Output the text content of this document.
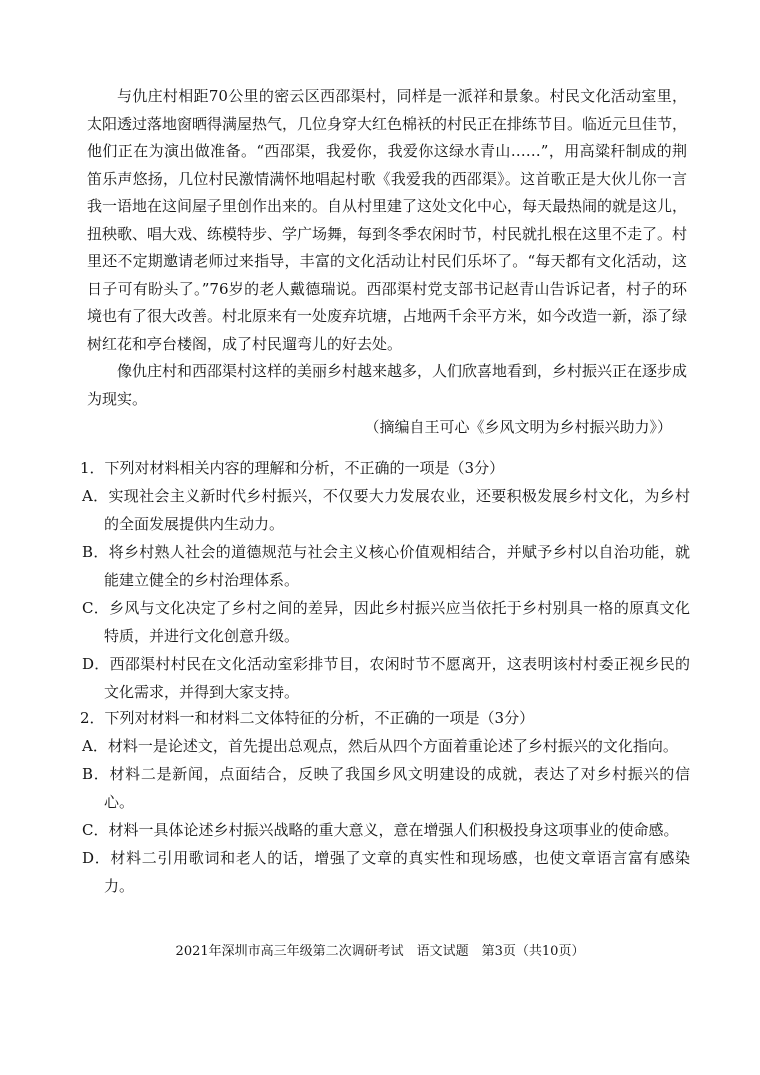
与仇庄村相距70公里的密云区西邵渠村，同样是一派祥和景象。村民文化活动室里，太阳透过落地窗晒得满屋热气，几位身穿大红色棉袄的村民正在排练节目。临近元旦佳节，他们正在为演出做准备。“西邵渠，我爱你，我爱你这绿水青山……”，用高粱秆制成的荆笛乐声悠扬，几位村民激情满怀地唱起村歌《我爱我的西邵渠》。这首歌正是大伙儿你一言我一语地在这间屋子里创作出来的。自从村里建了这处文化中心，每天最热闹的就是这儿，扭秧歌、唱大戏、练模特步、学广场舞，每到冬季农闲时节，村民就扎根在这里不走了。村里还不定期邀请老师过来指导，丰富的文化活动让村民们乐坏了。“每天都有文化活动，这日子可有盼头了。”76岁的老人戴德瑞说。西邵渠村党支部书记赵青山告诉记者，村子的环境也有了很大改善。村北原来有一处废弃坑塘，占地两千余平方米，如今改造一新，添了绿树红花和亭台楼阁，成了村民遛弯儿的好去处。

像仇庄村和西邵渠村这样的美丽乡村越来越多，人们欣喜地看到，乡村振兴正在逐步成为现实。

（摘编自王可心《乡风文明为乡村振兴助力》）

1．下列对材料相关内容的理解和分析，不正确的一项是（3分）

A．实现社会主义新时代乡村振兴，不仅要大力发展农业，还要积极发展乡村文化，为乡村的全面发展提供内生动力。

B．将乡村熟人社会的道德规范与社会主义核心价值观相结合，并赋予乡村以自治功能，就能建立健全的乡村治理体系。

C．乡风与文化决定了乡村之间的差异，因此乡村振兴应当依托于乡村别具一格的原真文化特质，并进行文化创意升级。

D．西邵渠村村民在文化活动室彩排节目，农闲时节不愿离开，这表明该村村委正视乡民的文化需求，并得到大家支持。

2．下列对材料一和材料二文体特征的分析，不正确的一项是（3分）

A．材料一是论述文，首先提出总观点，然后从四个方面着重论述了乡村振兴的文化指向。

B．材料二是新闻，点面结合，反映了我国乡风文明建设的成就，表达了对乡村振兴的信心。

C．材料一具体论述乡村振兴战略的重大意义，意在增强人们积极投身这项事业的使命感。

D．材料二引用歌词和老人的话，增强了文章的真实性和现场感，也使文章语言富有感染力。

2021年深圳市高三年级第二次调研考试　语文试题　第3页（共10页）
